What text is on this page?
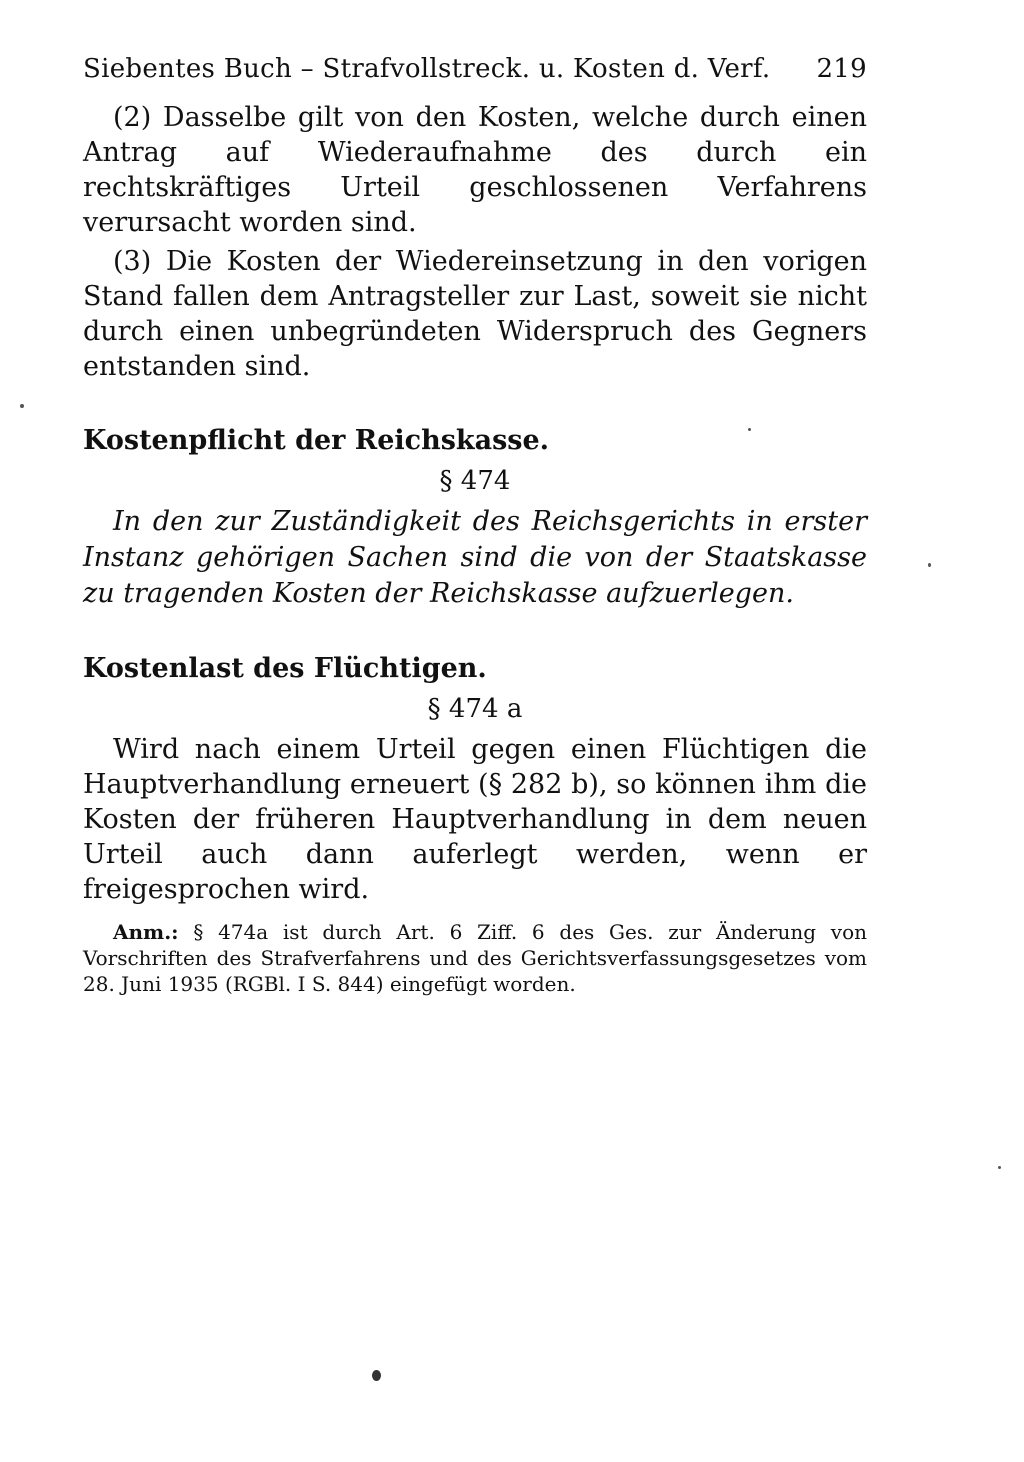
Siebentes Buch – Strafvollstreck. u. Kosten d. Verf. 219

(2) Dasselbe gilt von den Kosten, welche durch einen Antrag auf Wiederaufnahme des durch ein rechtskräftiges Urteil geschlossenen Verfahrens verursacht worden sind.

(3) Die Kosten der Wiedereinsetzung in den vorigen Stand fallen dem Antragsteller zur Last, soweit sie nicht durch einen unbegründeten Widerspruch des Gegners entstanden sind.

Kostenpflicht der Reichskasse.
§ 474

In den zur Zuständigkeit des Reichsgerichts in erster Instanz gehörigen Sachen sind die von der Staatskasse zu tragenden Kosten der Reichskasse aufzuerlegen.

Kostenlast des Flüchtigen.
§ 474 a

Wird nach einem Urteil gegen einen Flüchtigen die Hauptverhandlung erneuert (§ 282 b), so können ihm die Kosten der früheren Hauptverhandlung in dem neuen Urteil auch dann auferlegt werden, wenn er freigesprochen wird.

Anm.: § 474a ist durch Art. 6 Ziff. 6 des Ges. zur Änderung von Vorschriften des Strafverfahrens und des Gerichtsverfassungsgesetzes vom 28. Juni 1935 (RGBl. I S. 844) eingefügt worden.
